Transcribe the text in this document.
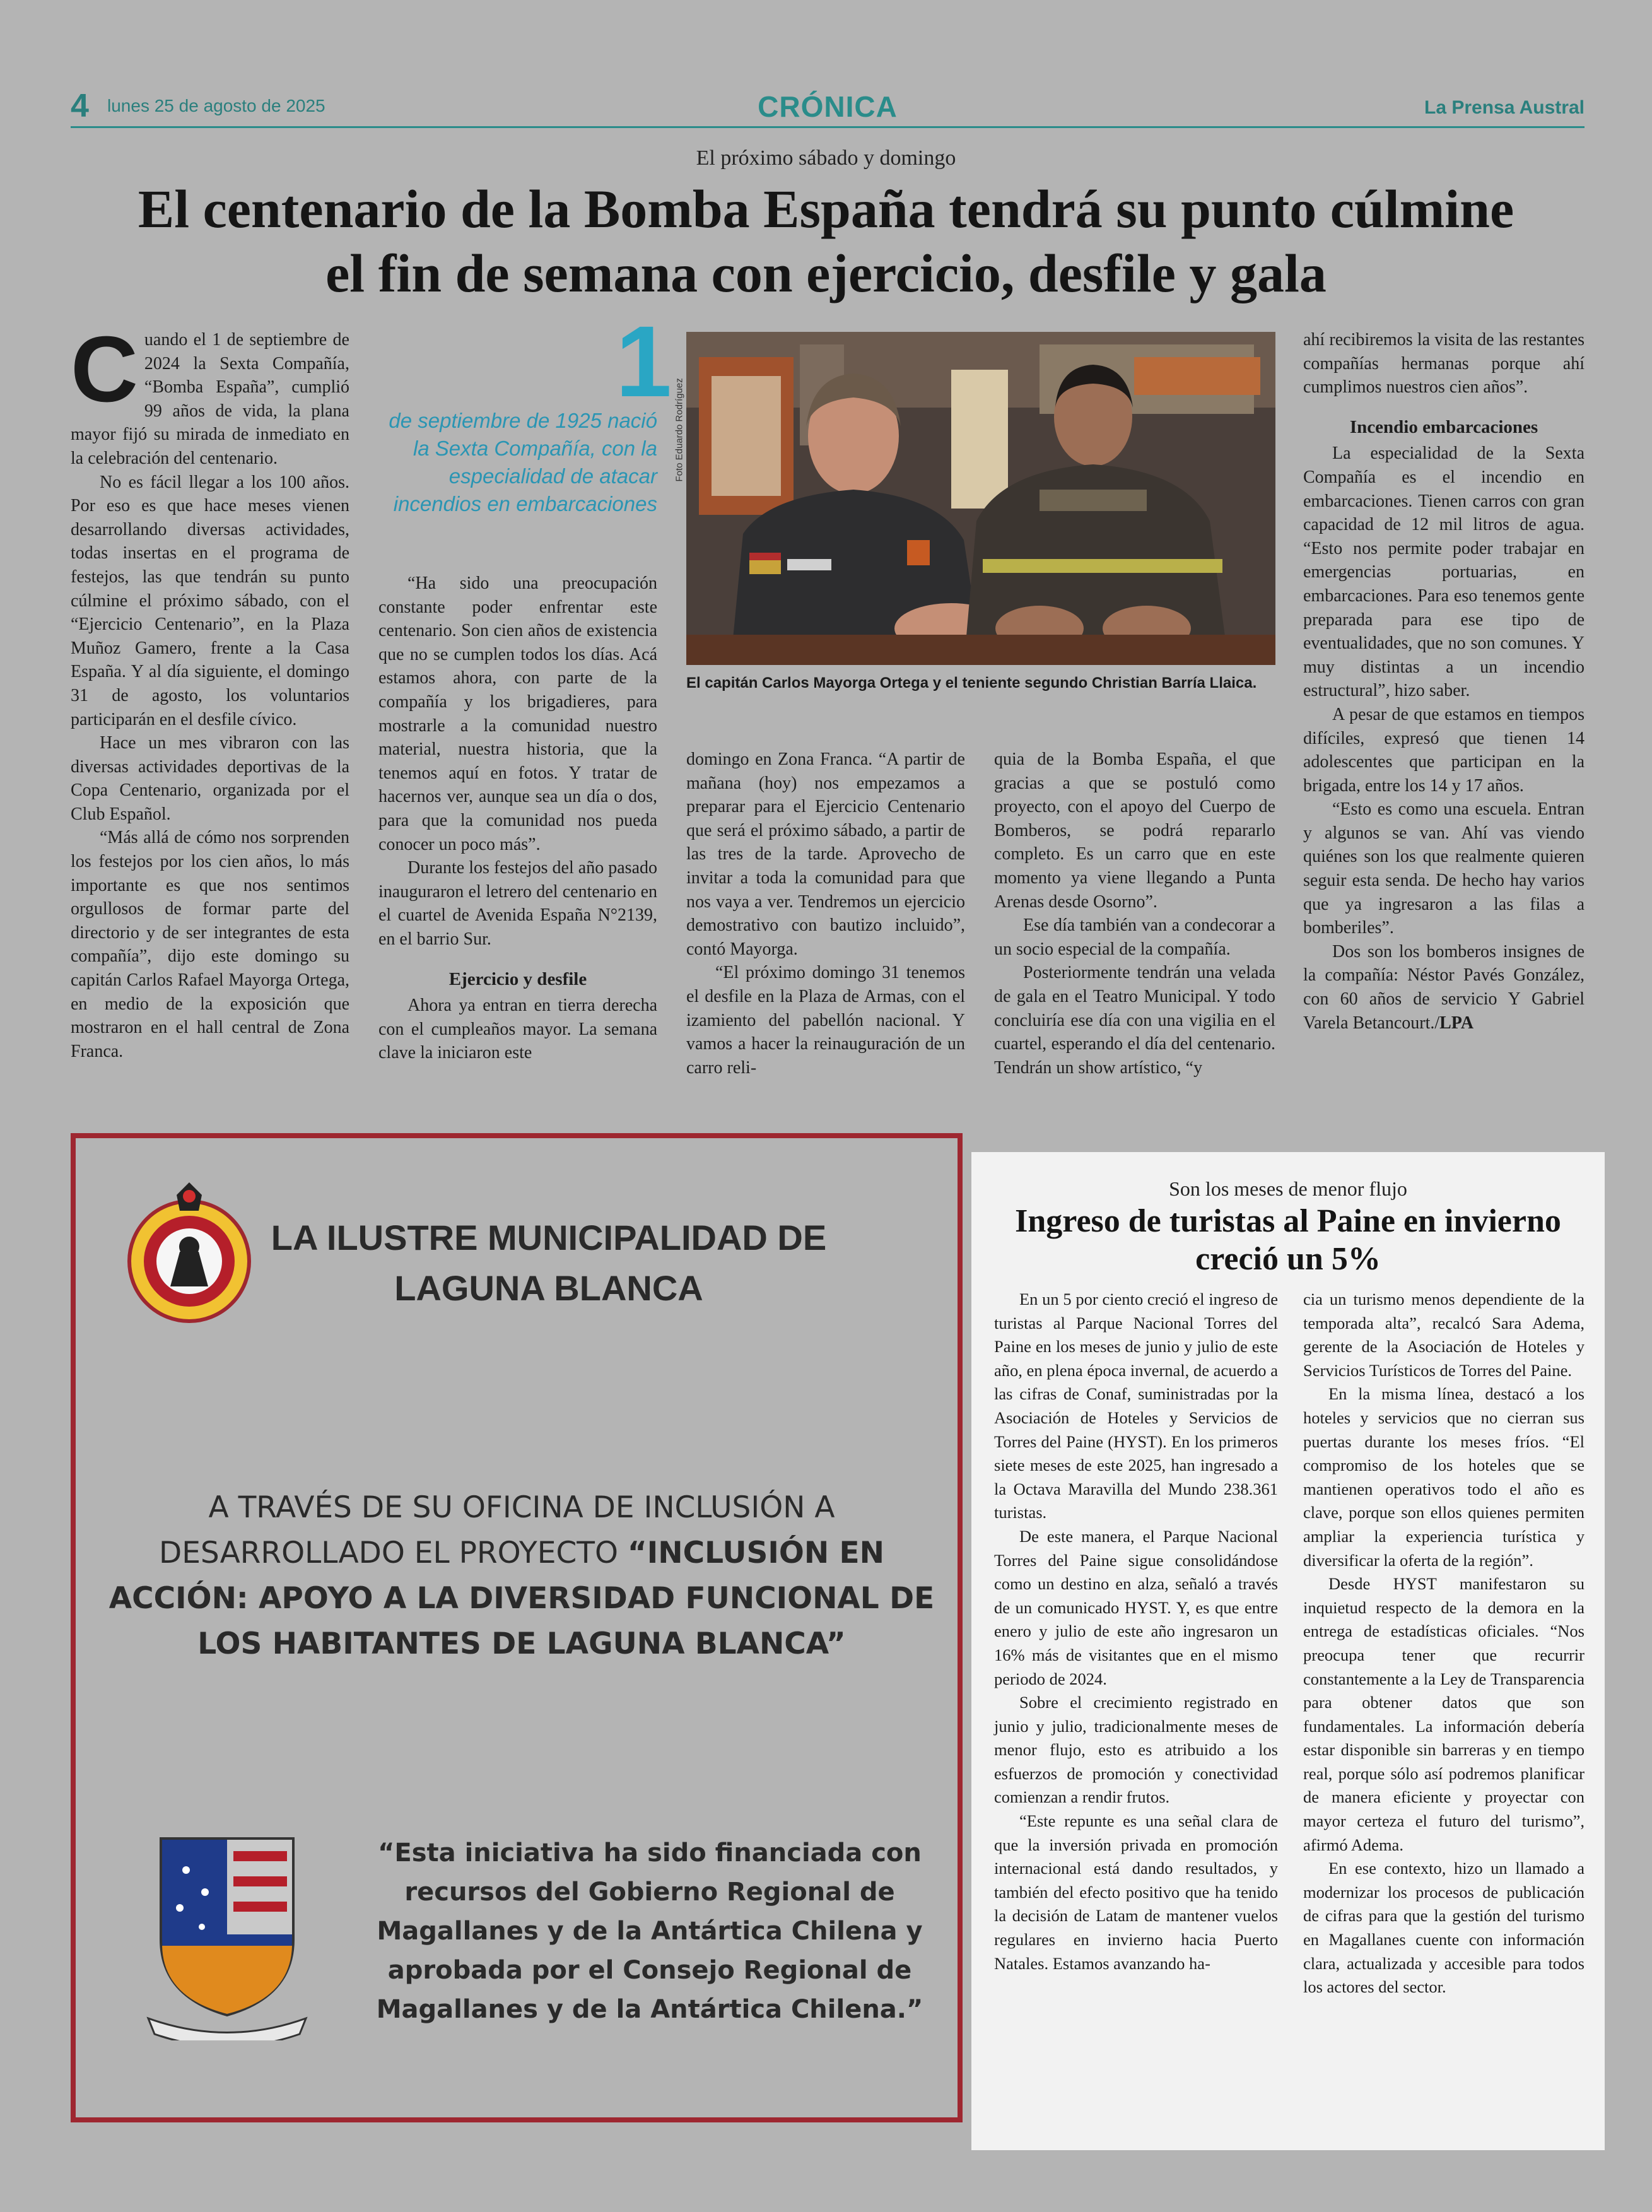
4 lunes 25 de agosto de 2025	CRÓNICA	La Prensa Austral
El próximo sábado y domingo
El centenario de la Bomba España tendrá su punto cúlmine el fin de semana con ejercicio, desfile y gala

Cuando el 1 de septiembre de 2024 la Sexta Compañía, “Bomba España”, cumplió 99 años de vida, la plana mayor fijó su mirada de inmediato en la celebración del centenario.

No es fácil llegar a los 100 años. Por eso es que hace meses vienen desarrollando diversas actividades, todas insertas en el programa de festejos, las que tendrán su punto cúlmine el próximo sábado, con el “Ejercicio Centenario”, en la Plaza Muñoz Gamero, frente a la Casa España. Y al día siguiente, el domingo 31 de agosto, los voluntarios participarán en el desfile cívico.

Hace un mes vibraron con las diversas actividades deportivas de la Copa Centenario, organizada por el Club Español.

“Más allá de cómo nos sorprenden los festejos por los cien años, lo más importante es que nos sentimos orgullosos de formar parte del directorio y de ser integrantes de esta compañía”, dijo este domingo su capitán Carlos Rafael Mayorga Ortega, en medio de la exposición que mostraron en el hall central de Zona Franca.

1
de septiembre de 1925 nació la Sexta Compañía, con la especialidad de atacar incendios en embarcaciones

“Ha sido una preocupación constante poder enfrentar este centenario. Son cien años de existencia que no se cumplen todos los días. Acá estamos ahora, con parte de la compañía y los brigadieres, para mostrarle a la comunidad nuestro material, nuestra historia, que la tenemos aquí en fotos. Y tratar de hacernos ver, aunque sea un día o dos, para que la comunidad nos pueda conocer un poco más”.

Durante los festejos del año pasado inauguraron el letrero del centenario en el cuartel de Avenida España N°2139, en el barrio Sur.

Ejercicio y desfile

Ahora ya entran en tierra derecha con el cumpleaños mayor. La semana clave la iniciaron este

Foto Eduardo Rodríguez
El capitán Carlos Mayorga Ortega y el teniente segundo Christian Barría Llaica.

domingo en Zona Franca. “A partir de mañana (hoy) nos empezamos a preparar para el Ejercicio Centenario que será el próximo sábado, a partir de las tres de la tarde. Aprovecho de invitar a toda la comunidad para que nos vaya a ver. Tendremos un ejercicio demostrativo con bautizo incluido”, contó Mayorga.

“El próximo domingo 31 tenemos el desfile en la Plaza de Armas, con el izamiento del pabellón nacional. Y vamos a hacer la reinauguración de un carro reli-

quia de la Bomba España, el que gracias a que se postuló como proyecto, con el apoyo del Cuerpo de Bomberos, se podrá repararlo completo. Es un carro que en este momento ya viene llegando a Punta Arenas desde Osorno”.

Ese día también van a condecorar a un socio especial de la compañía.

Posteriormente tendrán una velada de gala en el Teatro Municipal. Y todo concluiría ese día con una vigilia en el cuartel, esperando el día del centenario. Tendrán un show artístico, “y

ahí recibiremos la visita de las restantes compañías hermanas porque ahí cumplimos nuestros cien años”.

Incendio embarcaciones

La especialidad de la Sexta Compañía es el incendio en embarcaciones. Tienen carros con gran capacidad de 12 mil litros de agua. “Esto nos permite poder trabajar en emergencias portuarias, en embarcaciones. Para eso tenemos gente preparada para ese tipo de eventualidades, que no son comunes. Y muy distintas a un incendio estructural”, hizo saber.

A pesar de que estamos en tiempos difíciles, expresó que tienen 14 adolescentes que participan en la brigada, entre los 14 y 17 años.

“Esto es como una escuela. Entran y algunos se van. Ahí vas viendo quiénes son los que realmente quieren seguir esta senda. De hecho hay varios que ya ingresaron a las filas a bomberiles”.

Dos son los bomberos insignes de la compañía: Néstor Pavés González, con 60 años de servicio Y Gabriel Varela Betancourt./LPA

LA ILUSTRE MUNICIPALIDAD DE LAGUNA BLANCA
A TRAVÉS DE SU OFICINA DE INCLUSIÓN A DESARROLLADO EL PROYECTO “INCLUSIÓN EN ACCIÓN: APOYO A LA DIVERSIDAD FUNCIONAL DE LOS HABITANTES DE LAGUNA BLANCA”
“Esta iniciativa ha sido financiada con recursos del Gobierno Regional de Magallanes y de la Antártica Chilena y aprobada por el Consejo Regional de Magallanes y de la Antártica Chilena.”
Son los meses de menor flujo
Ingreso de turistas al Paine en invierno creció un 5%

En un 5 por ciento creció el ingreso de turistas al Parque Nacional Torres del Paine en los meses de junio y julio de este año, en plena época invernal, de acuerdo a las cifras de Conaf, suministradas por la Asociación de Hoteles y Servicios de Torres del Paine (HYST). En los primeros siete meses de este 2025, han ingresado a la Octava Maravilla del Mundo 238.361 turistas.

De este manera, el Parque Nacional Torres del Paine sigue consolidándose como un destino en alza, señaló a través de un comunicado HYST. Y, es que entre enero y julio de este año ingresaron un 16% más de visitantes que en el mismo periodo de 2024.

Sobre el crecimiento registrado en junio y julio, tradicionalmente meses de menor flujo, esto es atribuido a los esfuerzos de promoción y conectividad comienzan a rendir frutos.

“Este repunte es una señal clara de que la inversión privada en promoción internacional está dando resultados, y también del efecto positivo que ha tenido la decisión de Latam de mantener vuelos regulares en invierno hacia Puerto Natales. Estamos avanzando ha-

cia un turismo menos dependiente de la temporada alta”, recalcó Sara Adema, gerente de la Asociación de Hoteles y Servicios Turísticos de Torres del Paine.

En la misma línea, destacó a los hoteles y servicios que no cierran sus puertas durante los meses fríos. “El compromiso de los hoteles que se mantienen operativos todo el año es clave, porque son ellos quienes permiten ampliar la experiencia turística y diversificar la oferta de la región”.

Desde HYST manifestaron su inquietud respecto de la demora en la entrega de estadísticas oficiales. “Nos preocupa tener que recurrir constantemente a la Ley de Transparencia para obtener datos que son fundamentales. La información debería estar disponible sin barreras y en tiempo real, porque sólo así podremos planificar de manera eficiente y proyectar con mayor certeza el futuro del turismo”, afirmó Adema.

En ese contexto, hizo un llamado a modernizar los procesos de publicación de cifras para que la gestión del turismo en Magallanes cuente con información clara, actualizada y accesible para todos los actores del sector.
